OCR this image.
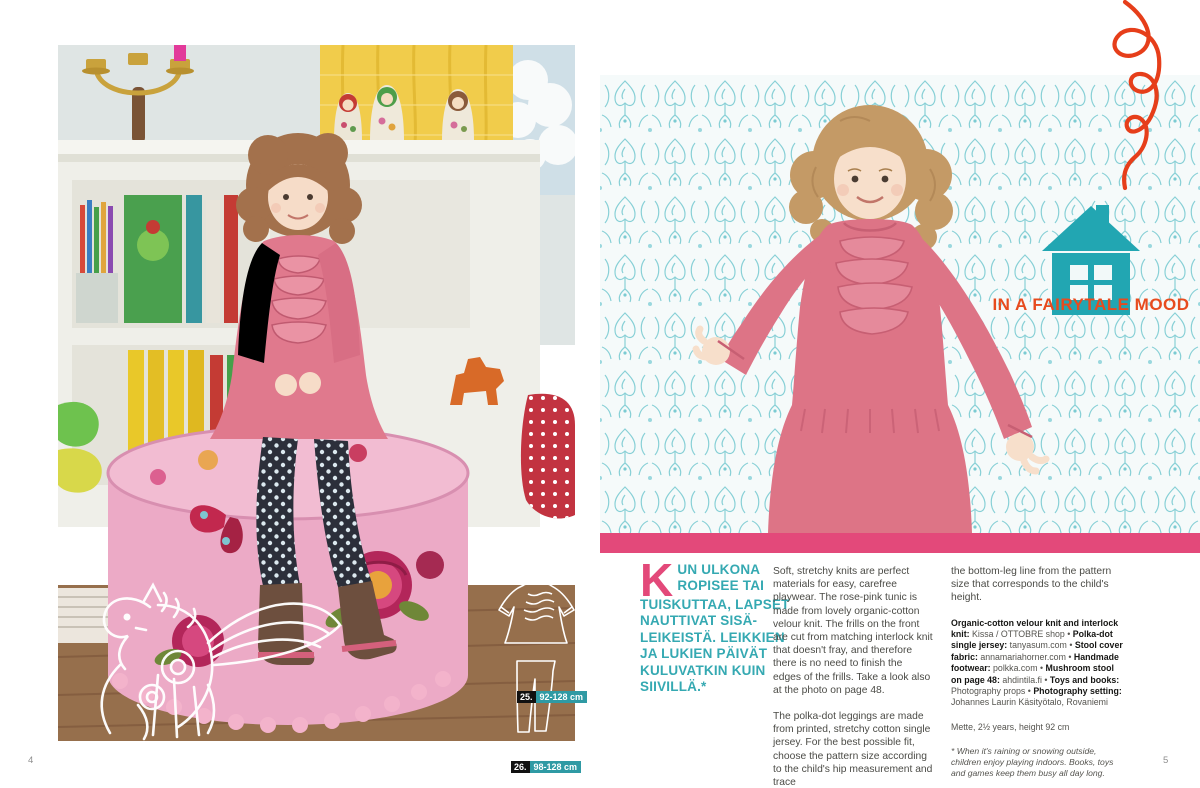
25. 92-128 cm
26. 98-128 cm
IN A FAIRYTALE MOOD
K UN ULKONA
ROPISEE TAI
TUISKUTTAA, LAPSET
NAUTTIVAT SISÄ-
LEIKEISTÄ. LEIKKIEN
JA LUKIEN PÄIVÄT
KULUVATKIN KUIN
SIIVILLÄ.*

Soft, stretchy knits are perfect materials for easy, carefree playwear. The rose-pink tunic is made from lovely organic-cotton velour knit. The frills on the front are cut from matching interlock knit that doesn't fray, and therefore there is no need to finish the edges of the frills. Take a look also at the photo on page 48.

The polka-dot leggings are made from printed, stretchy cotton single jersey. For the best possible fit, choose the pattern size according to the child's hip measurement and trace

the bottom-leg line from the pattern size that corresponds to the child's height.

Organic-cotton velour knit and interlock knit: Kissa / OTTOBRE shop • Polka-dot single jersey: tanyasum.com • Stool cover fabric: annamariahorner.com • Handmade footwear: polkka.com • Mushroom stool on page 48: ahdintila.fi • Toys and books: Photography props • Photography setting: Johannes Laurin Käsityötalo, Rovaniemi

Mette, 2½ years, height 92 cm

* When it's raining or snowing outside, children enjoy playing indoors. Books, toys and games keep them busy all day long.

4	5
